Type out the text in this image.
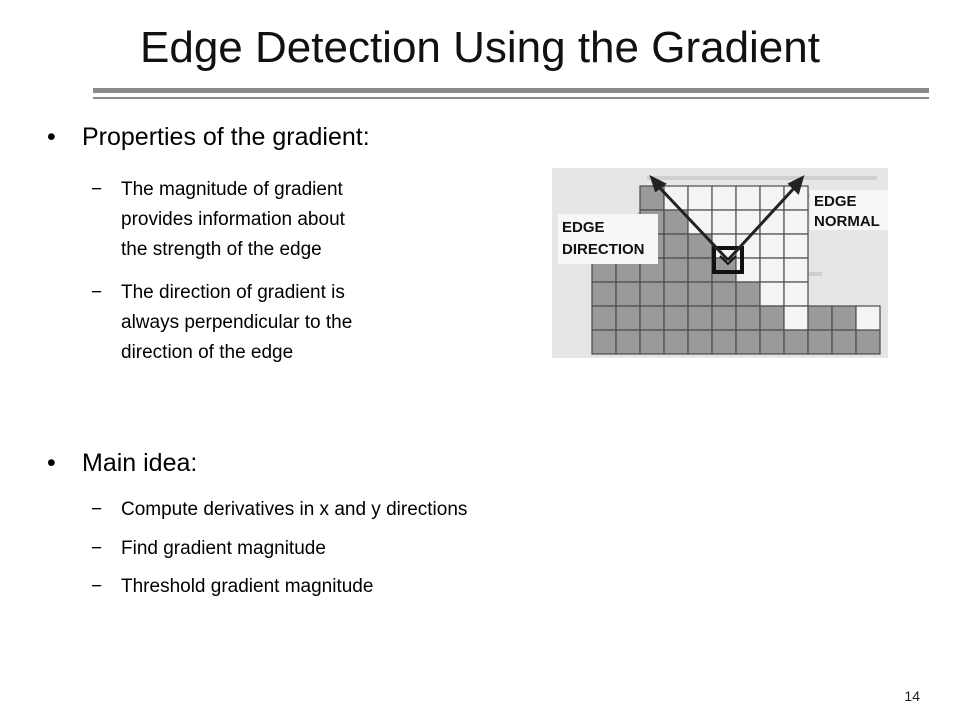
Edge Detection Using the Gradient
• Properties of the gradient:
− The magnitude of gradient
provides information about
the strength of the edge
− The direction of gradient is
always perpendicular to the
direction of the edge
EDGE
DIRECTION
EDGE
NORMAL
• Main idea:
− Compute derivatives in x and y directions
− Find gradient magnitude
− Threshold gradient magnitude
14
